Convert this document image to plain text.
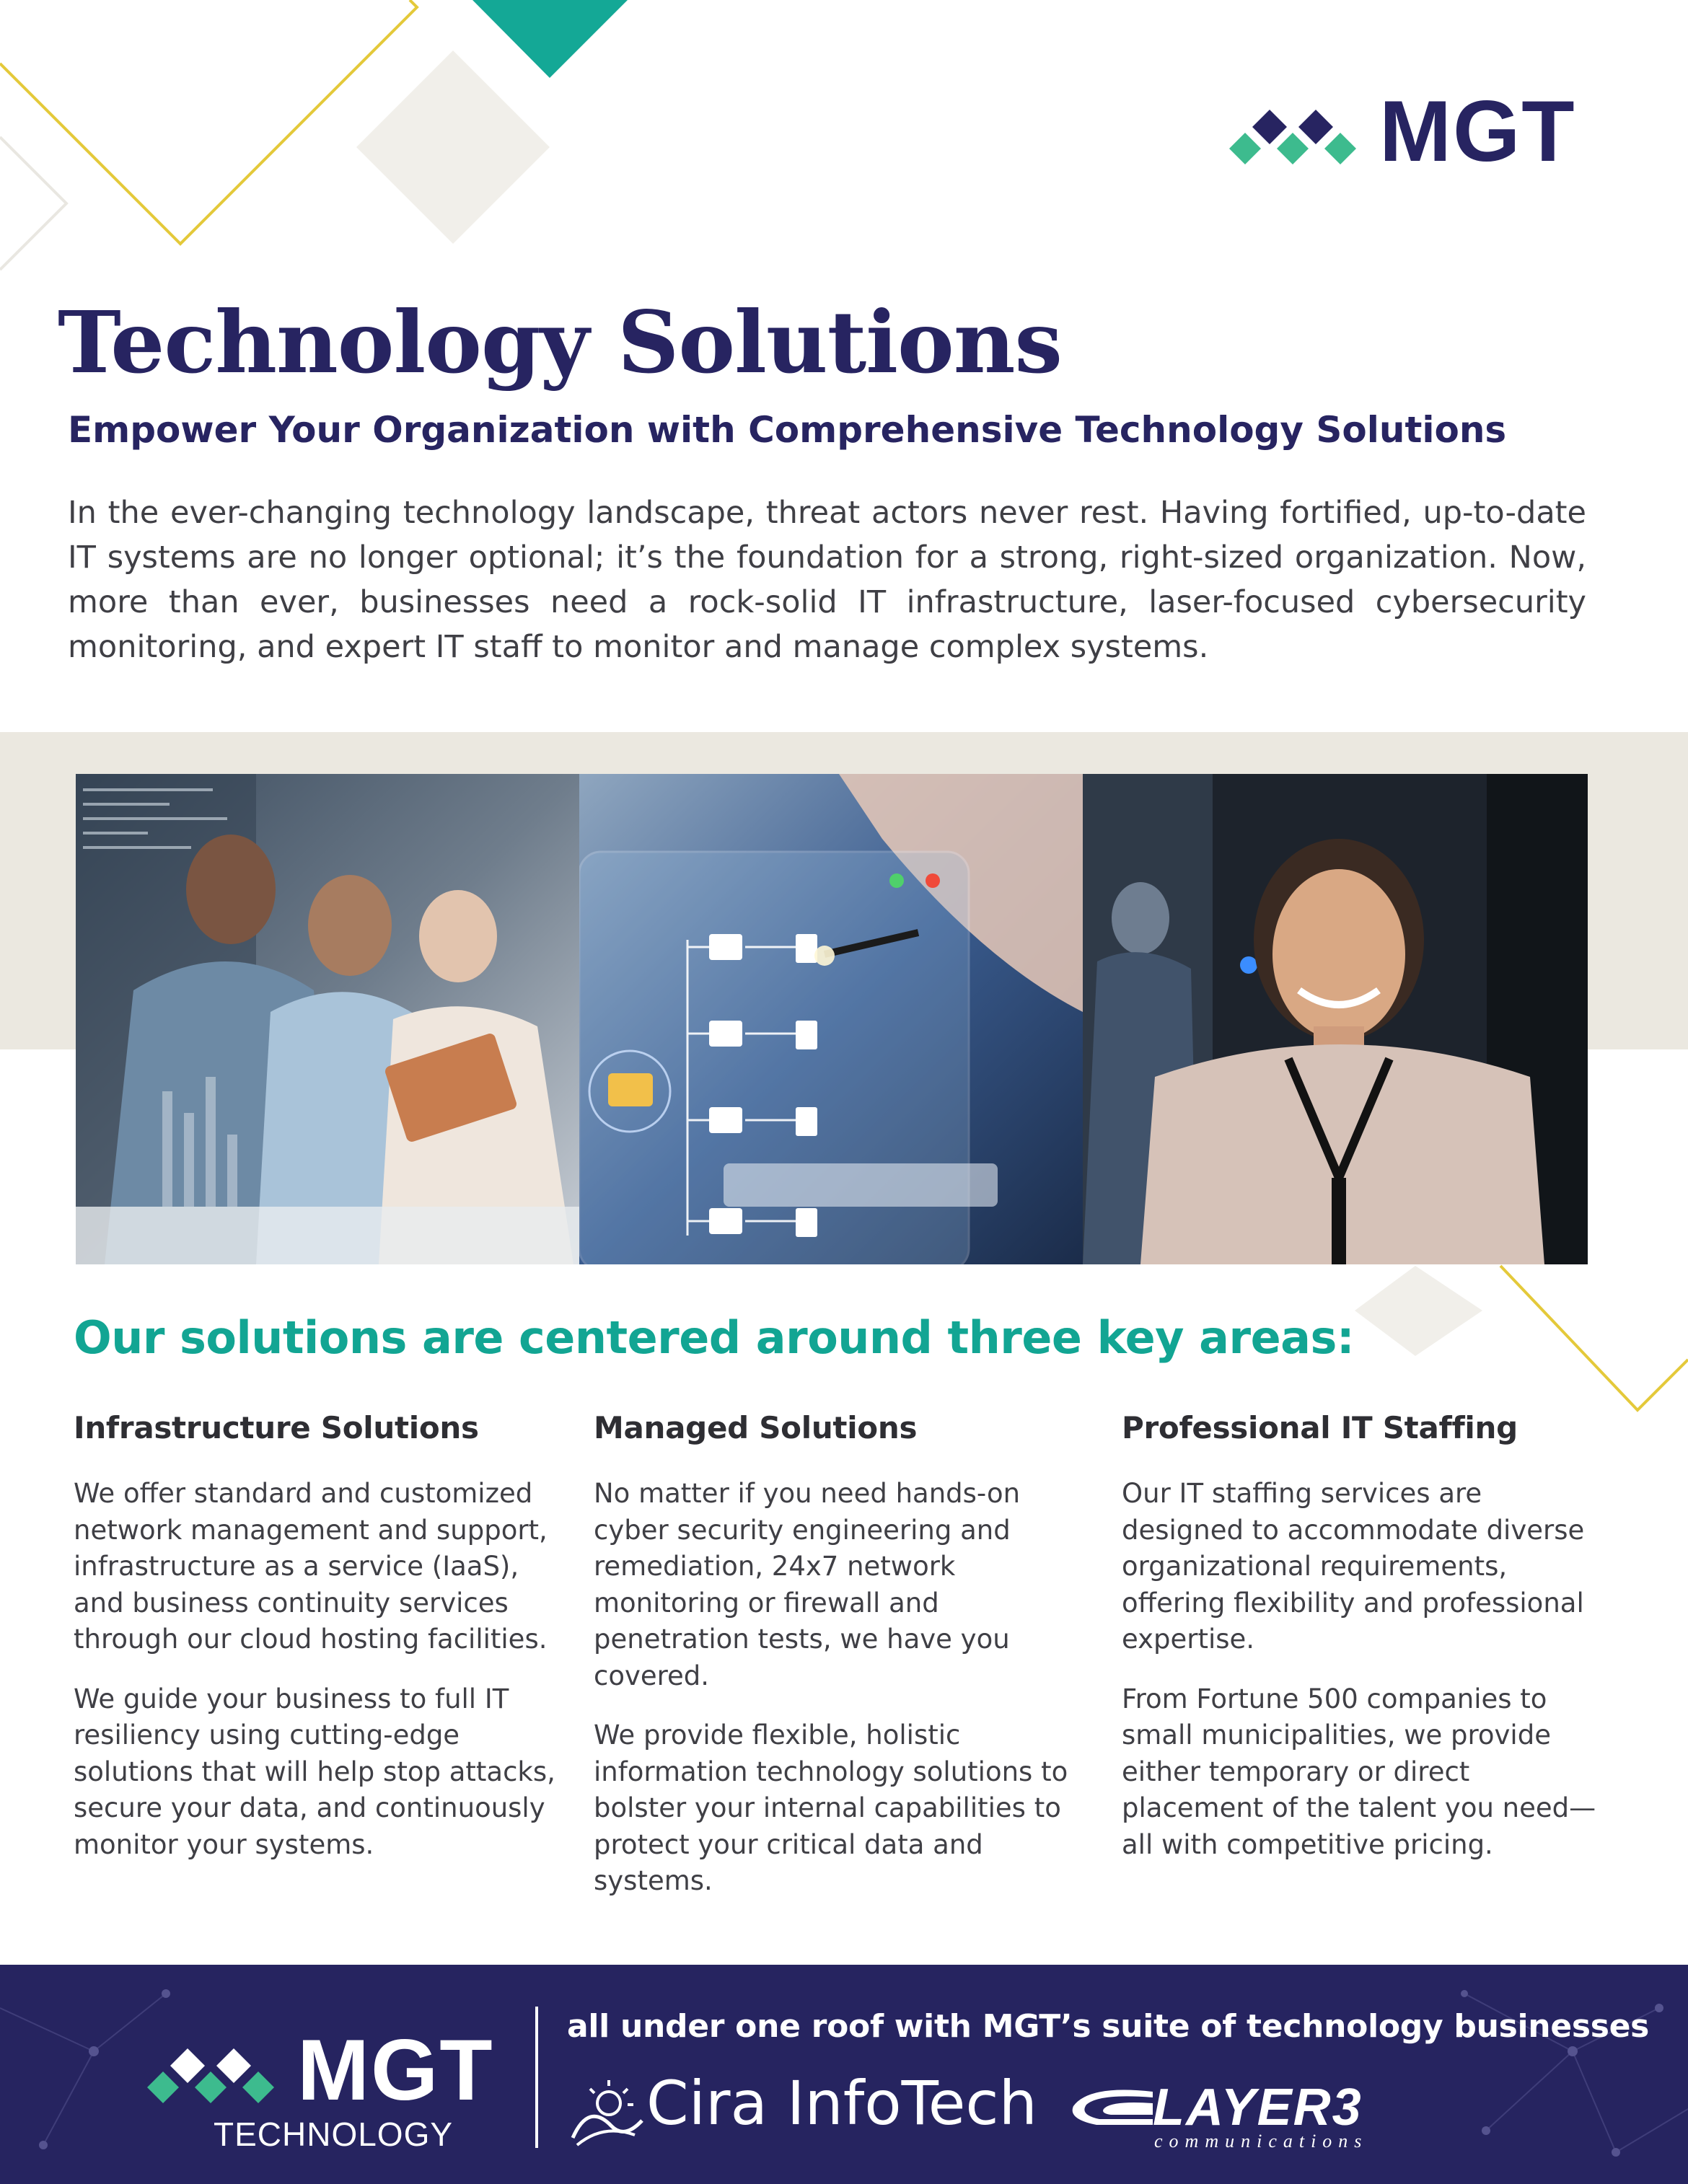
MGT
Technology Solutions
Empower Your Organization with Comprehensive Technology Solutions

In the ever-changing technology landscape, threat actors never rest. Having fortified, up-to-date IT systems are no longer optional; it’s the foundation for a strong, right-sized organization. Now, more than ever, businesses need a rock-solid IT infrastructure, laser-focused cybersecurity monitoring, and expert IT staff to monitor and manage complex systems.

Our solutions are centered around three key areas:
Infrastructure Solutions

We offer standard and customized network management and support, infrastructure as a service (IaaS), and business continuity services through our cloud hosting facilities.

We guide your business to full IT resiliency using cutting-edge solutions that will help stop attacks, secure your data, and continuously monitor your systems.

Managed Solutions

No matter if you need hands-on cyber security engineering and remediation, 24x7 network monitoring or firewall and penetration tests, we have you covered.

We provide flexible, holistic information technology solutions to bolster your internal capabilities to protect your critical data and systems.

Professional IT Staffing

Our IT staffing services are designed to accommodate diverse organizational requirements, offering flexibility and professional expertise.

From Fortune 500 companies to small municipalities, we provide either temporary or direct placement of the talent you need— all with competitive pricing.

MGT
TECHNOLOGY

all under one roof with MGT’s suite of technology businesses

Cira InfoTech LAYER3
communications
